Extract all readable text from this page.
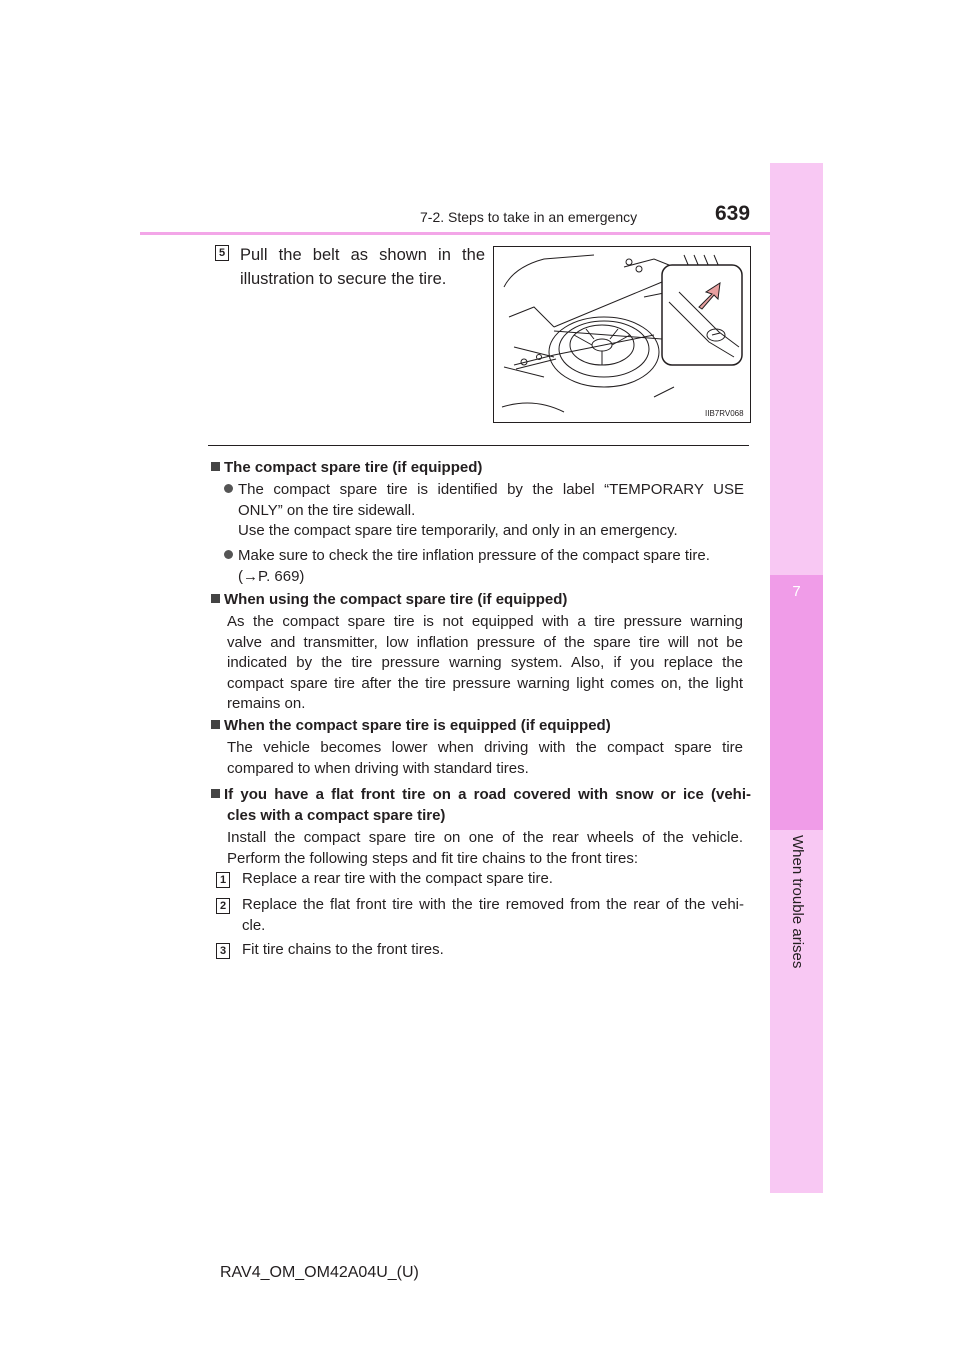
7-2. Steps to take in an emergency	639
7
When trouble arises
5 Pull the belt as shown in the illustration to secure the tire.
IIB7RV068
The compact spare tire (if equipped)
The compact spare tire is identified by the label “TEMPORARY USE
ONLY” on the tire sidewall.
Use the compact spare tire temporarily, and only in an emergency.
Make sure to check the tire inflation pressure of the compact spare tire.
(→P. 669)
When using the compact spare tire (if equipped)
As the compact spare tire is not equipped with a tire pressure warning
valve and transmitter, low inflation pressure of the spare tire will not be
indicated by the tire pressure warning system. Also, if you replace the
compact spare tire after the tire pressure warning light comes on, the light
remains on.
When the compact spare tire is equipped (if equipped)
The vehicle becomes lower when driving with the compact spare tire
compared to when driving with standard tires.
If you have a flat front tire on a road covered with snow or ice (vehi-
cles with a compact spare tire)
Install the compact spare tire on one of the rear wheels of the vehicle.
Perform the following steps and fit tire chains to the front tires:
1 Replace a rear tire with the compact spare tire.
2 Replace the flat front tire with the tire removed from the rear of the vehi-
cle.
3 Fit tire chains to the front tires.
RAV4_OM_OM42A04U_(U)
